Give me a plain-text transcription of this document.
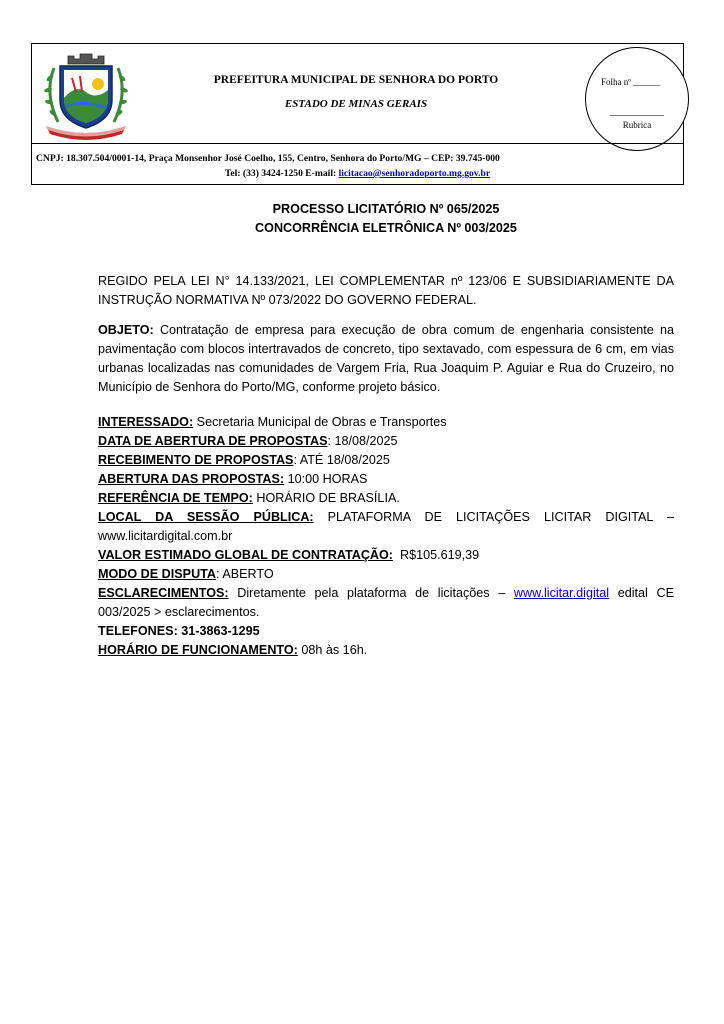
PREFEITURA MUNICIPAL DE SENHORA DO PORTO
ESTADO DE MINAS GERAIS
Folha nº ______
Rubrica
CNPJ: 18.307.504/0001-14, Praça Monsenhor José Coelho, 155, Centro, Senhora do Porto/MG – CEP: 39.745-000
Tel: (33) 3424-1250 E-mail: licitacao@senhoradoporto.mg.gov.br
PROCESSO LICITATÓRIO Nº 065/2025
CONCORRÊNCIA ELETRÔNICA Nº 003/2025
REGIDO PELA LEI N° 14.133/2021, LEI COMPLEMENTAR nº 123/06 E SUBSIDIARIAMENTE DA INSTRUÇÃO NORMATIVA Nº 073/2022 DO GOVERNO FEDERAL.
OBJETO: Contratação de empresa para execução de obra comum de engenharia consistente na pavimentação com blocos intertravados de concreto, tipo sextavado, com espessura de 6 cm, em vias urbanas localizadas nas comunidades de Vargem Fria, Rua Joaquim P. Aguiar e Rua do Cruzeiro, no Município de Senhora do Porto/MG, conforme projeto básico.
INTERESSADO: Secretaria Municipal de Obras e Transportes
DATA DE ABERTURA DE PROPOSTAS: 18/08/2025
RECEBIMENTO DE PROPOSTAS: ATÉ 18/08/2025
ABERTURA DAS PROPOSTAS: 10:00 HORAS
REFERÊNCIA DE TEMPO: HORÁRIO DE BRASÍLIA.
LOCAL DA SESSÃO PÚBLICA: PLATAFORMA DE LICITAÇÕES LICITAR DIGITAL – www.licitardigital.com.br
VALOR ESTIMADO GLOBAL DE CONTRATAÇÃO:  R$105.619,39
MODO DE DISPUTA: ABERTO
ESCLARECIMENTOS: Diretamente pela plataforma de licitações – www.licitar.digital edital CE 003/2025 > esclarecimentos.
TELEFONES: 31-3863-1295
HORÁRIO DE FUNCIONAMENTO: 08h às 16h.
